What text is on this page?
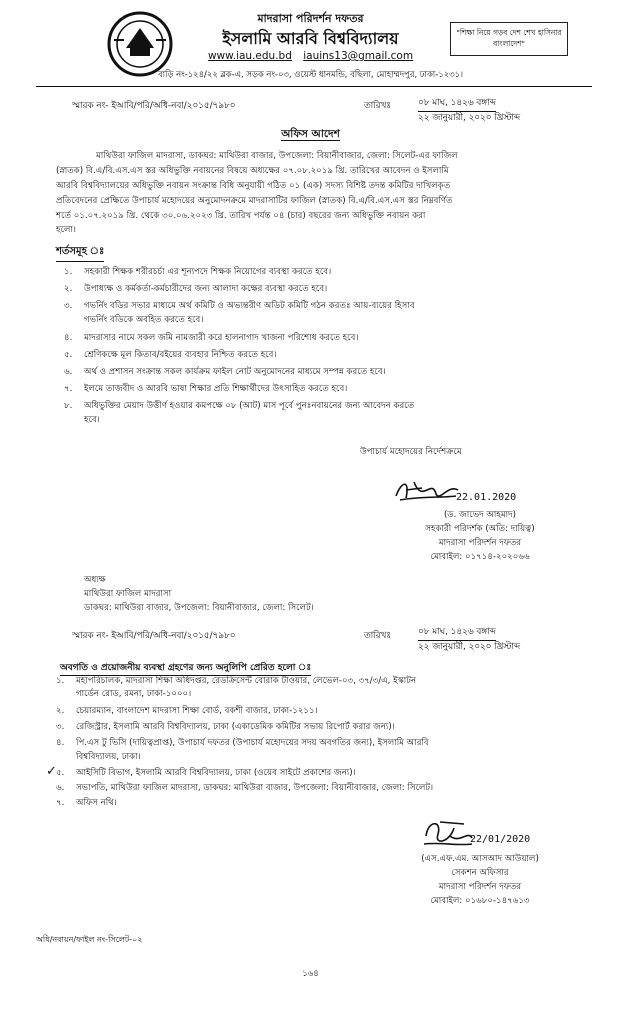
মাদরাসা পরিদর্শন দফতর
ইসলামি আরবি বিশ্ববিদ্যালয়
www.iau.edu.bd iauins13@gmail.com
বাড়ি নং-১২৪/২২ ব্লক-এ, সড়ক নং-০৩, ওয়েস্ট ধানমন্ডি, বছিলা, মোহাম্মদপুর, ঢাকা-১২৩১।
"শিক্ষা নিয়ে গড়ব দেশ শেখ হাসিনার বাংলাদেশ"
স্মারক নং- ইআবি/পরি/অধি-নবা/২০১৫/৭৯৮০	তারিখঃ	০৮ মাঘ, ১৪২৬ বঙ্গাব্দ
২২ জানুয়ারী, ২০২০ খ্রিস্টাব্দ
অফিস আদেশ
মাথিউরা ফাজিল মাদরাসা, ডাকঘর: মাথিউরা বাজার, উপজেলা: বিয়ানীবাজার, জেলা: সিলেট-এর ফাজিল
(স্নাতক) বি.এ/বি.এস.এস স্তর অধিভুক্তি নবায়নের বিষয়ে অধ্যক্ষের ০৭.০৮.২০১৯ খ্রি. তারিখের আবেদন ও ইসলামি
আরবি বিশ্ববিদ্যালয়ের অধিভুক্তি নবায়ন সংক্রান্ত বিধি অনুযায়ী গঠিত ০১ (এক) সদস্য বিশিষ্ট তদন্ত কমিটির দাখিলকৃত
প্রতিবেদনের প্রেক্ষিতে উপাচার্য মহোদয়ের অনুমোদনক্রমে মাদরাসাটির ফাজিল (স্নাতক) বি.এ/বি.এস.এস স্তর নিম্নবর্ণিত
শর্তে ০১.০৭.২০১৯ খ্রি. থেকে ৩০.০৬.২০২৩ খ্রি. তারিখ পর্যন্ত ০৪ (চার) বছরের জন্য অধিভুক্তি নবায়ন করা
হলো।
শর্তসমূহ ঃ
১. সহকারী শিক্ষক শরীরচর্চা এর শূন্যপদে শিক্ষক নিয়োগের ব্যবস্থা করতে হবে।
২. উপাধ্যক্ষ ও কর্মকর্তা-কর্মচারীদের জন্য আলাদা কক্ষের ব্যবস্থা করতে হবে।
৩. গভর্নিং বডির সভার মাধ্যমে অর্থ কমিটি ও অভ্যন্তরীণ অডিট কমিটি গঠন করতঃ আয়-ব্যয়ের হিসাব
গভর্নিং বডিকে অবহিত করতে হবে।
৪. মাদরাসার নামে সকল জমি নামজারী করে হালনাগাদ খাজনা পরিশোধ করতে হবে।
৫. শ্রেণিকক্ষে মূল কিতাব/বইয়ের ব্যবহার নিশ্চিত করতে হবে।
৬. অর্থ ও প্রশাসন সংক্রান্ত সকল কার্যক্রম ফাইল নোট অনুমোদনের মাধ্যমে সম্পন্ন করতে হবে।
৭. ইলমে তাজবীদ ও আরবি ভাষা শিক্ষার প্রতি শিক্ষার্থীদের উৎসাহিত করতে হবে।
৮. অধিভুক্তির মেয়াদ উত্তীর্ণ হওয়ার কমপক্ষে ০৮ (আট) মাস পূর্বে পুনঃনবায়নের জন্য আবেদন করতে
হবে।
উপাচার্য মহোদয়ের নির্দেশক্রমে
22.01.2020
(ড. জাভেদ আহমাদ)
সহকারী পরিদর্শক (অতি: দায়িত্ব)
মাদরাসা পরিদর্শন দফতর
মোবাইল: ০১৭১৪-২০২০৬৬
অধ্যক্ষ
মাথিউরা ফাজিল মাদরাসা
ডাকঘর: মাথিউরা বাজার, উপজেলা: বিয়ানীবাজার, জেলা: সিলেট।
স্মারক নং- ইআবি/পরি/অধি-নবা/২০১৫/৭৯৮০	তারিখঃ	০৮ মাঘ, ১৪২৬ বঙ্গাব্দ
২২ জানুয়ারী, ২০২০ খ্রিস্টাব্দ
অবগতি ও প্রয়োজনীয় ব্যবস্থা গ্রহণের জন্য অনুলিপি প্রেরিত হলো ঃ
১. মহাপরিচালক, মাদরাসা শিক্ষা অধিদপ্তর, রেডক্রিসেন্ট বোরাক টাওয়ার, লেভেল-০৩, ৩৭/৩/এ, ইস্কাটন
গার্ডেন রোড, রমনা, ঢাকা-১০০০।
২. চেয়ারম্যান, বাংলাদেশ মাদরাসা শিক্ষা বোর্ড, বকশী বাজার, ঢাকা-১২১১।
৩. রেজিস্ট্রার, ইসলামি আরবি বিশ্ববিদ্যালয়, ঢাকা (একাডেমিক কমিটির সভায় রিপোর্ট করার জন্য)।
৪. পি.এস টু ভিসি (দায়িত্বপ্রাপ্ত), উপাচার্য দফতর (উপাচার্য মহোদয়ের সদয় অবগতির জন্য), ইসলামি আরবি
বিশ্ববিদ্যালয়, ঢাকা।
✓ ৫. আইসিটি বিভাগ, ইসলামি আরবি বিশ্ববিদ্যালয়, ঢাকা (ওয়েব সাইটে প্রকাশের জন্য)।
৬. সভাপতি, মাথিউরা ফাজিল মাদরাসা, ডাকঘর: মাথিউরা বাজার, উপজেলা: বিয়ানীবাজার, জেলা: সিলেট।
৭. অফিস নথি।
22/01/2020
(এস.এফ.এম. আসআদ আউয়াল)
সেকশন অফিসার
মাদরাসা পরিদর্শন দফতর
মোবাইল: ০১৬৮০-১৪৭৬১৩
অধি/নবায়ন/ফাইল নং-সিলেট-০২
১৬৪
